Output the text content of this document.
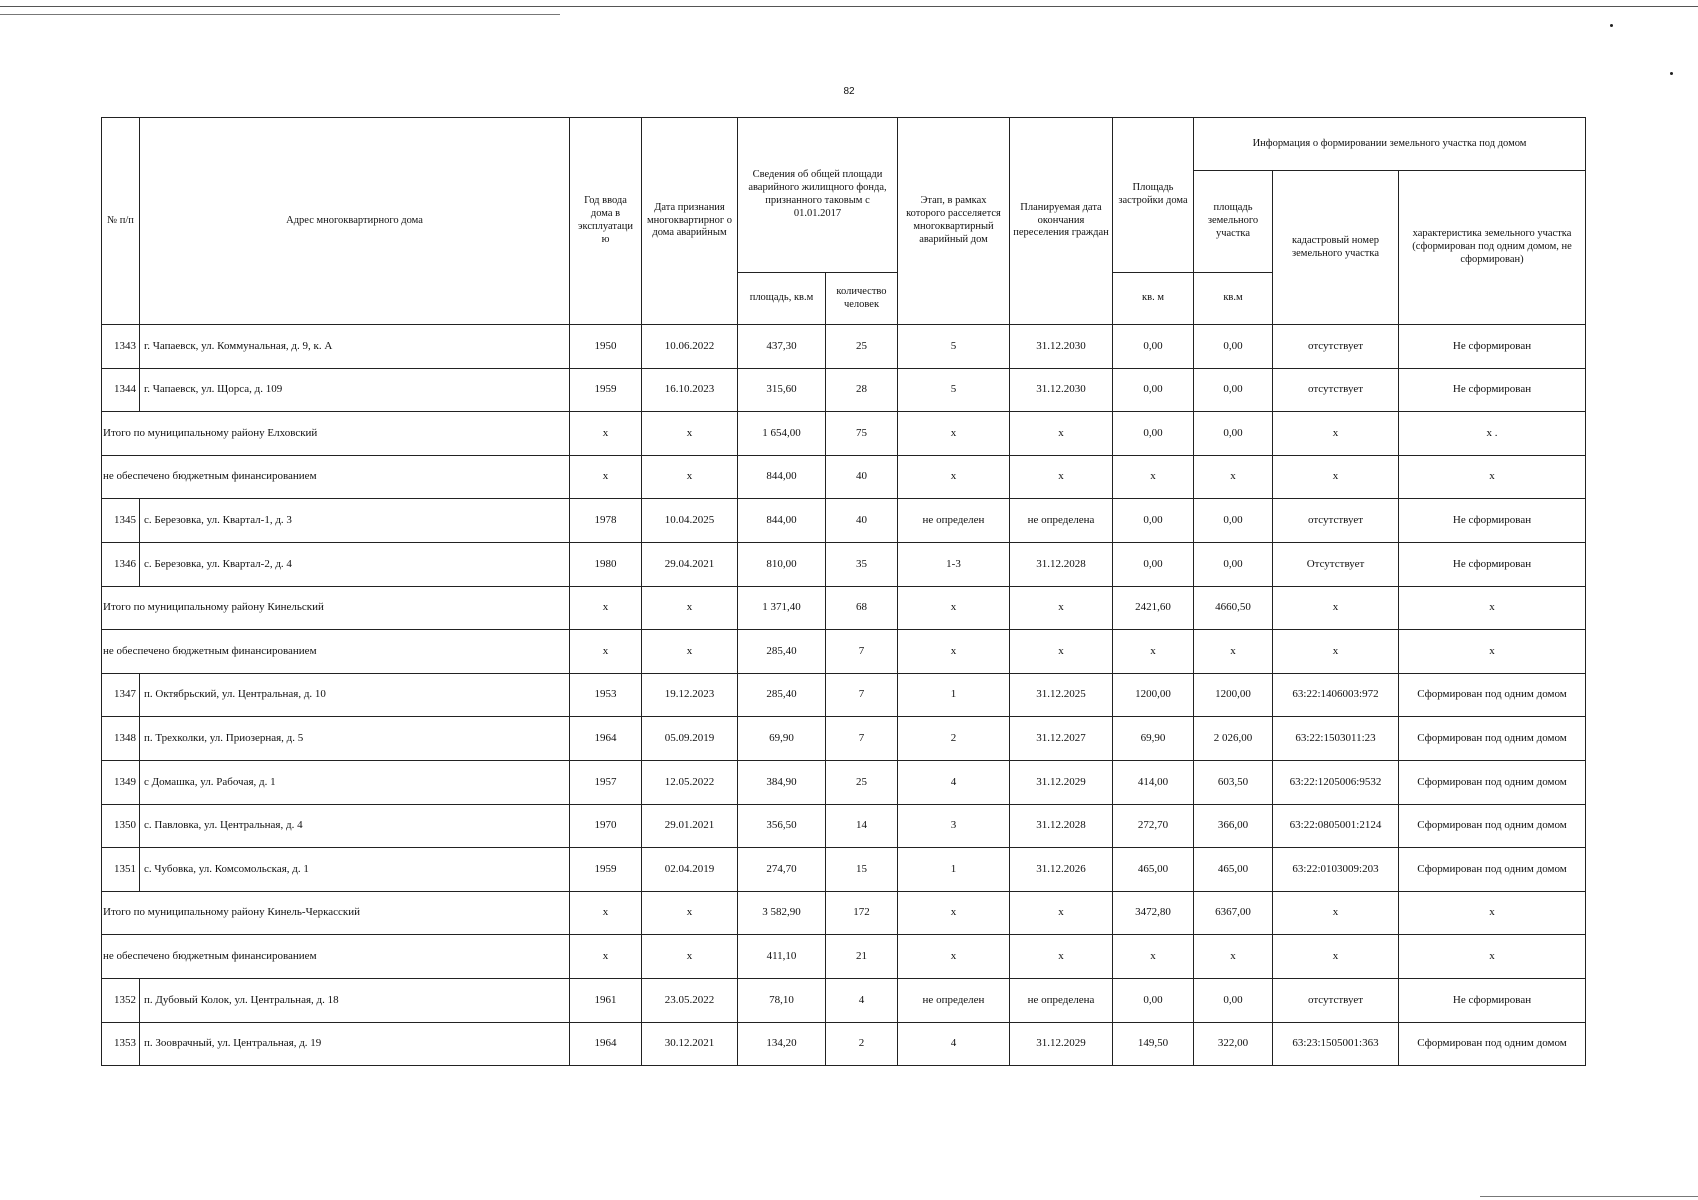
82
№ п/п	Адрес многоквартирного дома	Год ввода дома в эксплуатаци ю	Дата признания многоквартирног о дома аварийным	Сведения об общей площади аварийного жилищного фонда, признанного таковым с 01.01.2017		Этап, в рамках которого расселяется многоквартирный аварийный дом	Планируемая дата окончания переселения граждан	Площадь застройки дома	Информация о формировании земельного участка под домом		
									площадь земельного участка	кадастровый номер земельного участка	характеристика земельного участка (сформирован под одним домом, не сформирован)
				площадь, кв.м	количество человек			кв. м	кв.м		
1343	г. Чапаевск, ул. Коммунальная, д. 9, к. А	1950	10.06.2022	437,30	25	5	31.12.2030	0,00	0,00	отсутствует	Не сформирован
1344	г. Чапаевск, ул. Щорса, д. 109	1959	16.10.2023	315,60	28	5	31.12.2030	0,00	0,00	отсутствует	Не сформирован
Итого по муниципальному району Елховский		x	x	1 654,00	75	x	x	0,00	0,00	x	x .
не обеспечено бюджетным финансированием		x	x	844,00	40	x	x	x	x	x	x
1345	с. Березовка, ул. Квартал-1, д. 3	1978	10.04.2025	844,00	40	не определен	не определена	0,00	0,00	отсутствует	Не сформирован
1346	с. Березовка, ул. Квартал-2, д. 4	1980	29.04.2021	810,00	35	1-3	31.12.2028	0,00	0,00	Отсутствует	Не сформирован
Итого по муниципальному району Кинельский		x	x	1 371,40	68	x	x	2421,60	4660,50	x	x
не обеспечено бюджетным финансированием		x	x	285,40	7	x	x	x	x	x	x
1347	п. Октябрьский, ул. Центральная, д. 10	1953	19.12.2023	285,40	7	1	31.12.2025	1200,00	1200,00	63:22:1406003:972	Сформирован под одним домом
1348	п. Трехколки, ул. Приозерная, д. 5	1964	05.09.2019	69,90	7	2	31.12.2027	69,90	2 026,00	63:22:1503011:23	Сформирован под одним домом
1349	с Домашка, ул. Рабочая, д. 1	1957	12.05.2022	384,90	25	4	31.12.2029	414,00	603,50	63:22:1205006:9532	Сформирован под одним домом
1350	с. Павловка, ул. Центральная, д. 4	1970	29.01.2021	356,50	14	3	31.12.2028	272,70	366,00	63:22:0805001:2124	Сформирован под одним домом
1351	с. Чубовка, ул. Комсомольская, д. 1	1959	02.04.2019	274,70	15	1	31.12.2026	465,00	465,00	63:22:0103009:203	Сформирован под одним домом
Итого по муниципальному району Кинель-Черкасский		x	x	3 582,90	172	x	x	3472,80	6367,00	x	x
не обеспечено бюджетным финансированием		x	x	411,10	21	x	x	x	x	x	x
1352	п. Дубовый Колок, ул. Центральная, д. 18	1961	23.05.2022	78,10	4	не определен	не определена	0,00	0,00	отсутствует	Не сформирован
1353	п. Зооврачный, ул. Центральная, д. 19	1964	30.12.2021	134,20	2	4	31.12.2029	149,50	322,00	63:23:1505001:363	Сформирован под одним домом
